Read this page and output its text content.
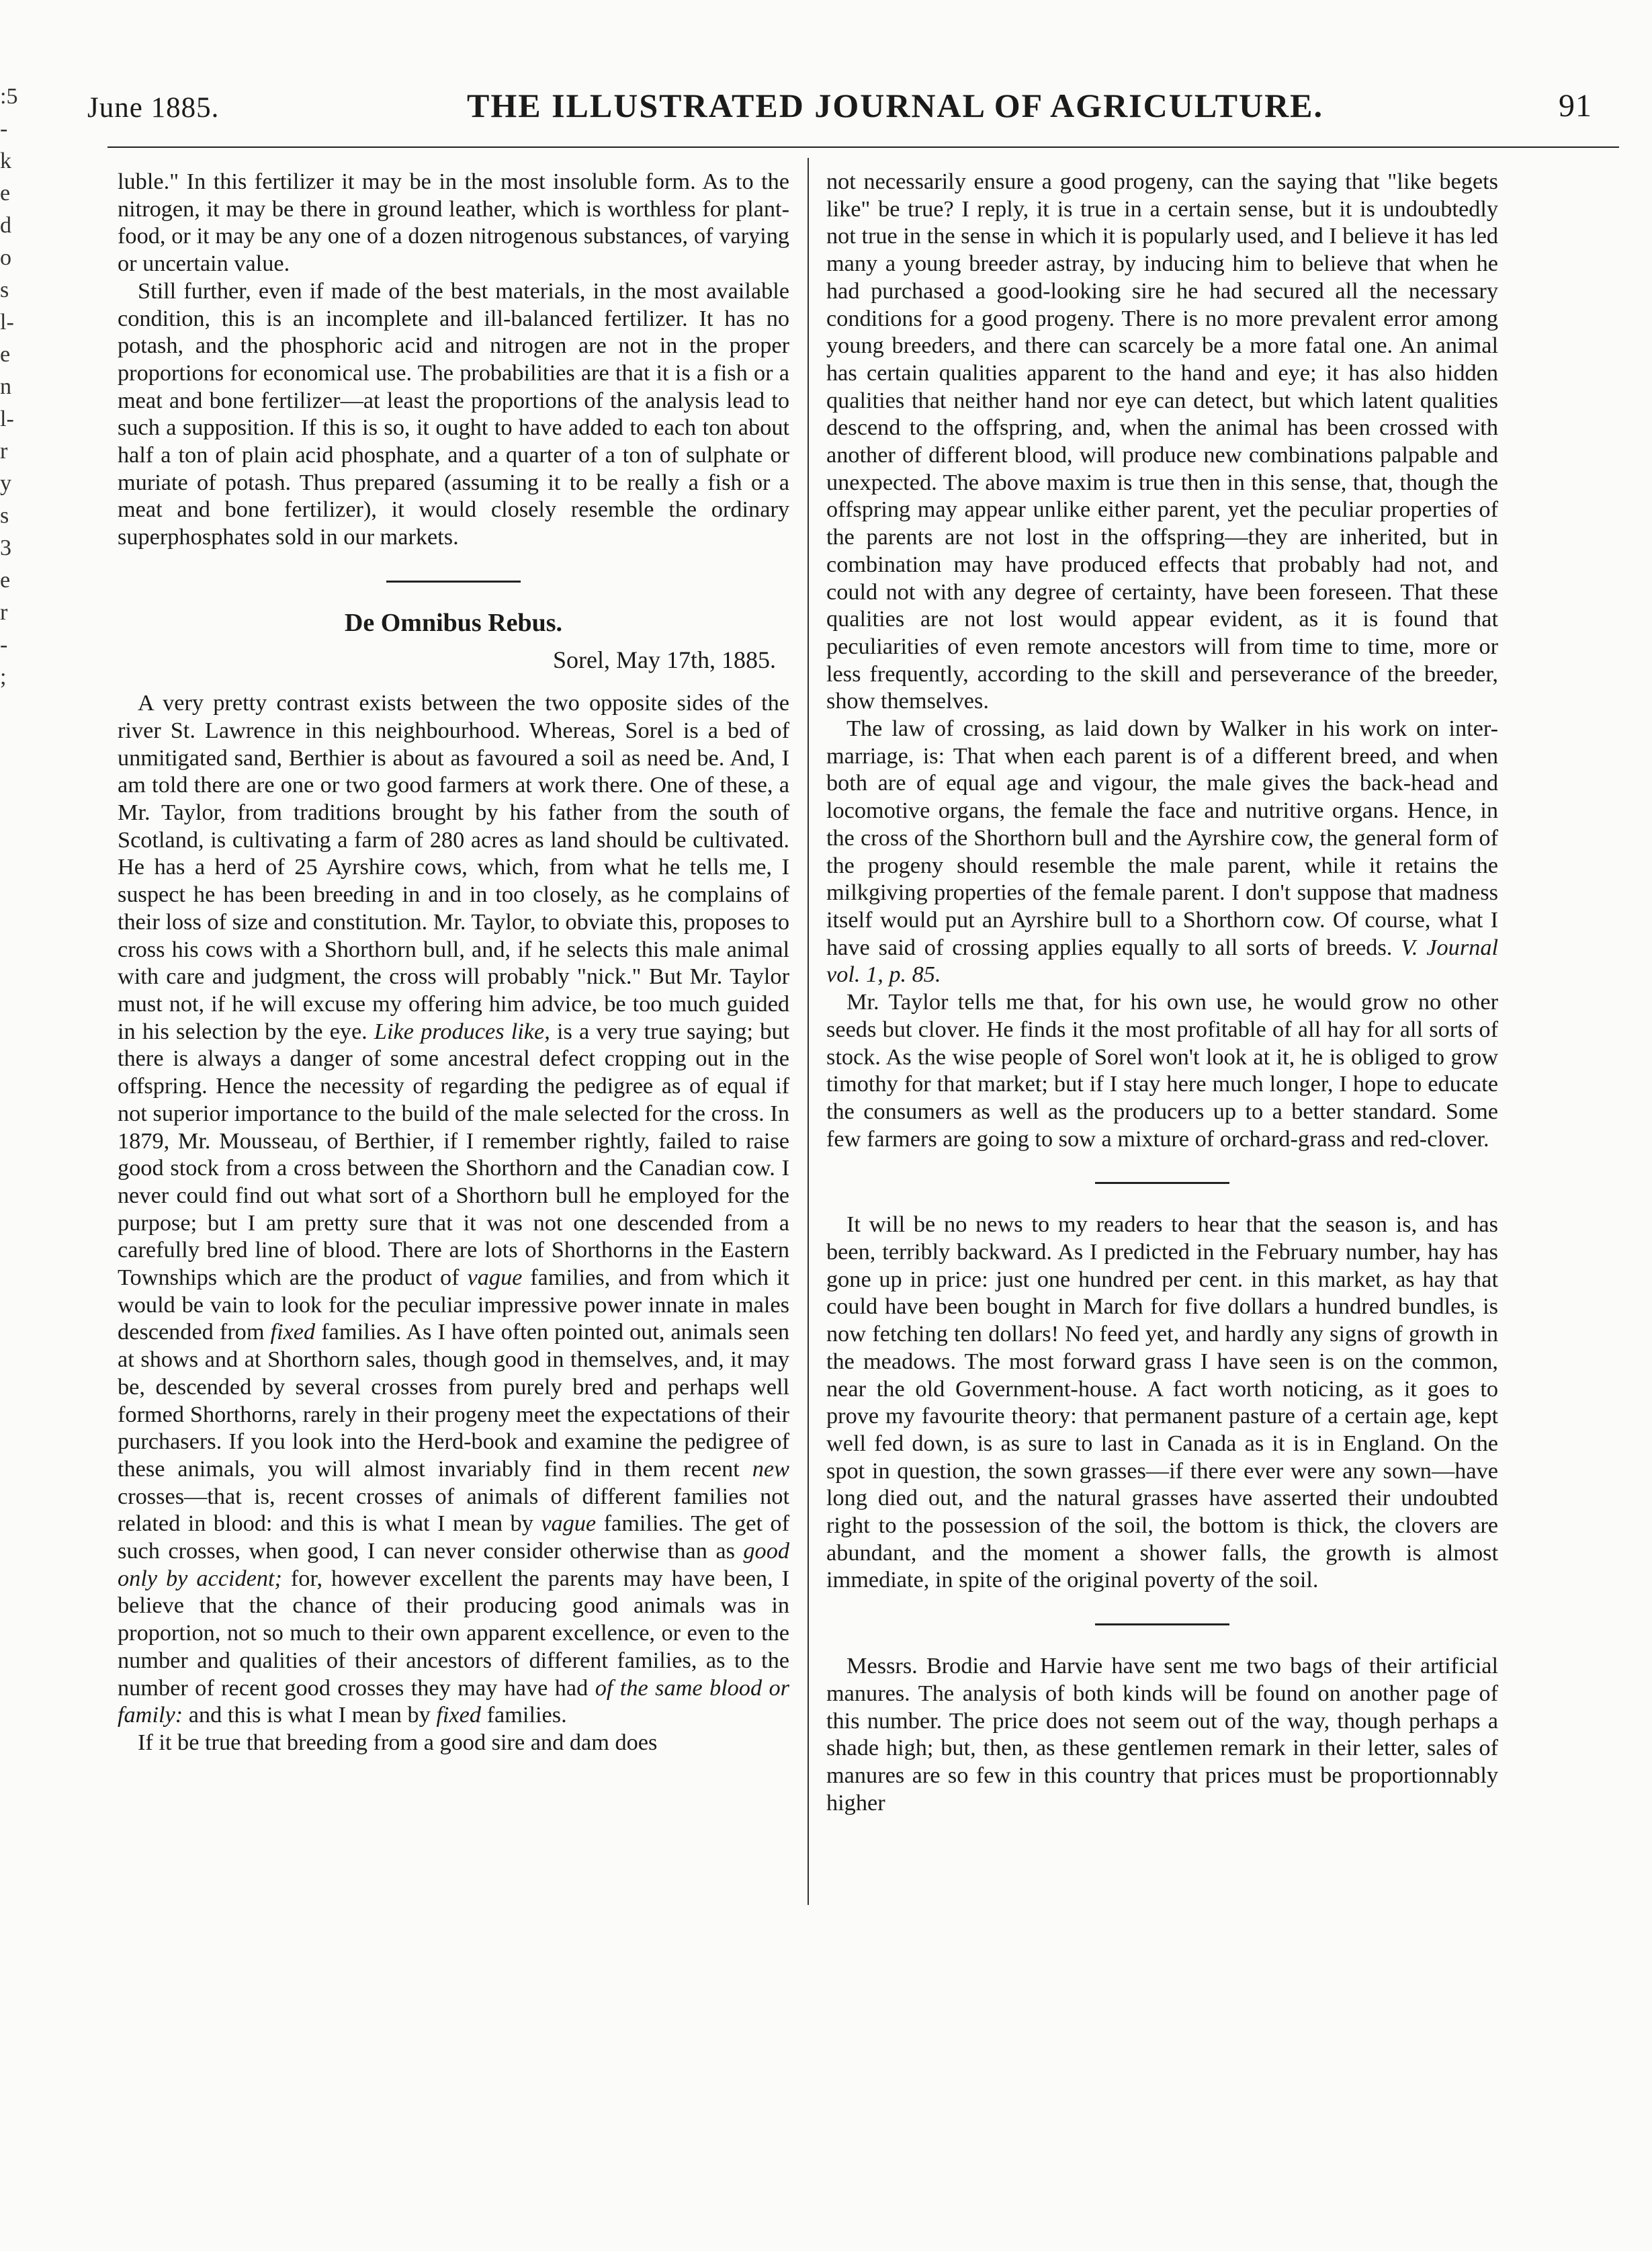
:5
-
k
e
d
o
s
l-
e
n
l-
r
y
s
3
e
r
-
;
June 1885.	THE ILLUSTRATED JOURNAL OF AGRICULTURE.	91

luble." In this fertilizer it may be in the most insoluble form. As to the nitrogen, it may be there in ground leather, which is worthless for plant-food, or it may be any one of a dozen nitrogenous substances, of varying or uncertain value.

Still further, even if made of the best materials, in the most available condition, this is an incomplete and ill-balanced fertilizer. It has no potash, and the phosphoric acid and nitrogen are not in the proper proportions for economical use. The probabilities are that it is a fish or a meat and bone fertilizer—at least the proportions of the analysis lead to such a supposition. If this is so, it ought to have added to each ton about half a ton of plain acid phosphate, and a quarter of a ton of sulphate or muriate of potash. Thus prepared (assuming it to be really a fish or a meat and bone fertilizer), it would closely resemble the ordinary superphosphates sold in our markets.

De Omnibus Rebus.
Sorel, May 17th, 1885.

A very pretty contrast exists between the two opposite sides of the river St. Lawrence in this neighbourhood. Whereas, Sorel is a bed of unmitigated sand, Berthier is about as favoured a soil as need be. And, I am told there are one or two good farmers at work there. One of these, a Mr. Taylor, from traditions brought by his father from the south of Scotland, is cultivating a farm of 280 acres as land should be cultivated. He has a herd of 25 Ayrshire cows, which, from what he tells me, I suspect he has been breeding in and in too closely, as he complains of their loss of size and constitution. Mr. Taylor, to obviate this, proposes to cross his cows with a Shorthorn bull, and, if he selects this male animal with care and judgment, the cross will probably "nick." But Mr. Taylor must not, if he will excuse my offering him advice, be too much guided in his selection by the eye. Like produces like, is a very true saying; but there is always a danger of some ancestral defect cropping out in the offspring. Hence the necessity of regarding the pedigree as of equal if not superior importance to the build of the male selected for the cross. In 1879, Mr. Mousseau, of Berthier, if I remember rightly, failed to raise good stock from a cross between the Shorthorn and the Canadian cow. I never could find out what sort of a Shorthorn bull he employed for the purpose; but I am pretty sure that it was not one descended from a carefully bred line of blood. There are lots of Shorthorns in the Eastern Townships which are the product of vague families, and from which it would be vain to look for the peculiar impressive power innate in males descended from fixed families. As I have often pointed out, animals seen at shows and at Shorthorn sales, though good in themselves, and, it may be, descended by several crosses from purely bred and perhaps well formed Shorthorns, rarely in their progeny meet the expectations of their purchasers. If you look into the Herd-book and examine the pedigree of these animals, you will almost invariably find in them recent new crosses—that is, recent crosses of animals of different families not related in blood: and this is what I mean by vague families. The get of such crosses, when good, I can never consider otherwise than as good only by accident; for, however excellent the parents may have been, I believe that the chance of their producing good animals was in proportion, not so much to their own apparent excellence, or even to the number and qualities of their ancestors of different families, as to the number of recent good crosses they may have had of the same blood or family: and this is what I mean by fixed families.

If it be true that breeding from a good sire and dam does

not necessarily ensure a good progeny, can the saying that "like begets like" be true? I reply, it is true in a certain sense, but it is undoubtedly not true in the sense in which it is popularly used, and I believe it has led many a young breeder astray, by inducing him to believe that when he had purchased a good-looking sire he had secured all the necessary conditions for a good progeny. There is no more prevalent error among young breeders, and there can scarcely be a more fatal one. An animal has certain qualities apparent to the hand and eye; it has also hidden qualities that neither hand nor eye can detect, but which latent qualities descend to the offspring, and, when the animal has been crossed with another of different blood, will produce new combinations palpable and unexpected. The above maxim is true then in this sense, that, though the offspring may appear unlike either parent, yet the peculiar properties of the parents are not lost in the offspring—they are inherited, but in combination may have produced effects that probably had not, and could not with any degree of certainty, have been foreseen. That these qualities are not lost would appear evident, as it is found that peculiarities of even remote ancestors will from time to time, more or less frequently, according to the skill and perseverance of the breeder, show themselves.

The law of crossing, as laid down by Walker in his work on inter-marriage, is: That when each parent is of a different breed, and when both are of equal age and vigour, the male gives the back-head and locomotive organs, the female the face and nutritive organs. Hence, in the cross of the Shorthorn bull and the Ayrshire cow, the general form of the progeny should resemble the male parent, while it retains the milkgiving properties of the female parent. I don't suppose that madness itself would put an Ayrshire bull to a Shorthorn cow. Of course, what I have said of crossing applies equally to all sorts of breeds. V. Journal vol. 1, p. 85.

Mr. Taylor tells me that, for his own use, he would grow no other seeds but clover. He finds it the most profitable of all hay for all sorts of stock. As the wise people of Sorel won't look at it, he is obliged to grow timothy for that market; but if I stay here much longer, I hope to educate the consumers as well as the producers up to a better standard. Some few farmers are going to sow a mixture of orchard-grass and red-clover.

It will be no news to my readers to hear that the season is, and has been, terribly backward. As I predicted in the February number, hay has gone up in price: just one hundred per cent. in this market, as hay that could have been bought in March for five dollars a hundred bundles, is now fetching ten dollars! No feed yet, and hardly any signs of growth in the meadows. The most forward grass I have seen is on the common, near the old Government-house. A fact worth noticing, as it goes to prove my favourite theory: that permanent pasture of a certain age, kept well fed down, is as sure to last in Canada as it is in England. On the spot in question, the sown grasses—if there ever were any sown—have long died out, and the natural grasses have asserted their undoubted right to the possession of the soil, the bottom is thick, the clovers are abundant, and the moment a shower falls, the growth is almost immediate, in spite of the original poverty of the soil.

Messrs. Brodie and Harvie have sent me two bags of their artificial manures. The analysis of both kinds will be found on another page of this number. The price does not seem out of the way, though perhaps a shade high; but, then, as these gentlemen remark in their letter, sales of manures are so few in this country that prices must be proportionnably higher
